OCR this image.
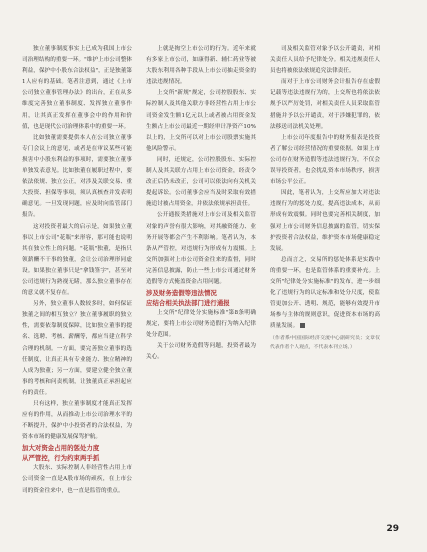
独立董事制度事实上已成为我国上市公司治理结构的重要一环。"维护上市公司整体利益，保护中小股东合法权益"，正是独董第1人应有的基础。笔者注意到，通过《上市公司独立董事管理办法》的出台，正在从多维度完善独立董事制度、发挥独立董事作用，让其真正发挥在董事会中的作用和价值，也是现代公司治理体系中的重要一环。

比如独董需要提供本人在公司独立董事专门会议上的意见，或者是在审议某些可能损害中小股东利益的事项时，需要独立董事单独发表意见。比如独董在履职过程中，要依法依规、独立公正，对涉及关联交易、重大投资、担保等事项，须认真核查并发表明确意见。一旦发现问题，应及时向监管部门报告。

这对投资者最大的启示是，如果独立董事以上市公司"花瓶"来形容，那可能也说明其在独立性上的问题。"花瓶"独董，是指只领薪酬不干事的独董，会让公司治理形同虚设。如果独立董事只是"拿钱签字"，甚至对公司违规行为熟视无睹，那么独立董事存在的意义就不复存在。

另外，独立董事人数较多时，如何保证独董之间的相互独立？独立董事履职的独立性，需要依靠制度保障，比如独立董事的提名、选聘、考核、薪酬等，都应当建立科学合理的机制。一方面，要完善独立董事的选任制度，让真正具有专业能力、独立精神的人成为独董；另一方面，要建立健全独立董事的考核和问责机制，让独董真正承担起应有的责任。

只有这样，独立董事制度才能真正发挥应有的作用，从而推动上市公司治理水平的不断提升，保护中小投资者的合法权益，为资本市场的健康发展保驾护航。

加大对资金占用的惩处力度
从严管控，行为约束两手抓

大股东、实际控制人非经营性占用上市公司资金一直是A股市场的顽疾，在上市公司的资金往来中，也一直是监管的重点。

上就是掏空上市公司的行为。近年来就有多家上市公司，如康得新、辅仁药业等被大股东利用各种手段从上市公司抽走资金的违法违规情况。

上交所"新规"规定，公司控股股东、实际控制人及其他关联方非经营性占用上市公司资金发生额1亿元以上或者被占用资金发生额占上市公司最近一期经审计净资产10%以上的，上交所可以对上市公司股票实施其他风险警示。

同时，还规定，公司控股股东、实际控制人及其关联方占用上市公司资金，经责令改正后仍未改正，公司可以依法向有关机关提起诉讼。公司董事会应当及时采取有效措施追讨被占用资金，并依法依规承担责任。

公开通报类措施对上市公司及相关监管对象的声誉有很大影响，对其融资能力、业务开展等都会产生不利影响。笔者认为，本条从严管控，对违规行为形成有力震慑。上交所加强对上市公司资金往来的监督，同时完善信息披露，防止一些上市公司通过财务造假等方式掩盖资金占用问题。

涉及财务造假等违法情况
应结合相关执法部门进行通报

上交所"纪律处分实施标准"第8条明确规定，要将上市公司财务造假行为纳入纪律处分范围。

关于公司财务造假等问题，投资者最为关心。

司及相关监管对象予以公开谴责，对相关责任人员给予纪律处分。相关违规责任人员也将被依法依规追究法律责任。

而对于上市公司财务会计报告存在虚假记载等违法违规行为的，上交所也将依法依规予以严厉处罚，对相关责任人员采取监管措施并予以公开谴责，对于涉嫌犯罪的，依法移送司法机关处理。

上市公司年度报告中的财务报表是投资者了解公司经营情况的重要依据。如果上市公司存在财务造假等违法违规行为，不仅会误导投资者，也会扰乱资本市场秩序，损害市场公平公正。

因此，笔者认为，上交所应加大对违法违规行为的惩处力度，提高违法成本，从而形成有效震慑。同时也要完善相关制度，加强对上市公司财务信息披露的监管，切实保护投资者合法权益，维护资本市场健康稳定发展。

总而言之，交易所的惩处体系是实践中的重要一环，也是监管体系的重要补充。上交所"纪律处分实施标准"的发布，进一步细化了违规行为的认定标准和处分尺度，使监管更加公开、透明、规范，能够有效提升市场参与主体的规则意识，促进资本市场的高质量发展。

（作者系中国国际经济交流中心副研究员；文章仅代表作者个人观点，不代表本刊立场。）

29
